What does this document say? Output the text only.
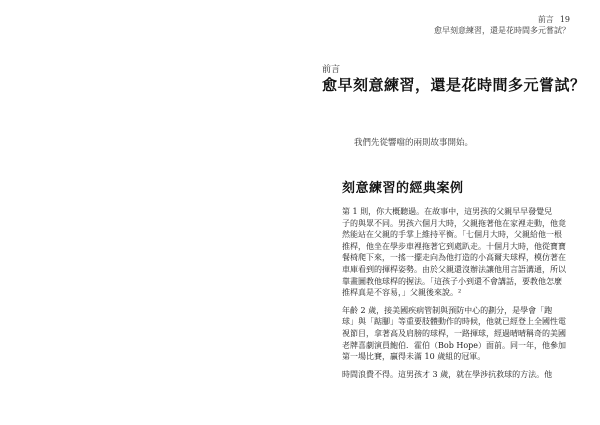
前言 19
愈早刻意練習，還是花時間多元嘗試？
前言
愈早刻意練習，還是花時間多元嘗試？
我們先從響噹的兩則故事開始。
刻意練習的經典案例

第 1 則，你大概聽過。在故事中，這男孩的父親早早發覺兒

子的與眾不同。男孩六個月大時，父親拖著他在家裡走動，他竟

然能站在父親的手掌上維持平衡。「七個月大時，父親給他一根

推桿，他坐在學步車裡拖著它到處趴走。十個月大時，他從寶寶

餐椅爬下來，一搖一擺走向為他打造的小高爾夫球桿，模仿著在

車庫看到的揮桿姿勢。由於父親還沒辦法讓他用言語溝通，所以

靠畫圖教他球桿的握法。「這孩子小到還不會講話，要教他怎麼

推桿真是不容易，」父親後來說。²

年齡 2 歲，接美國疾病管制與預防中心的劃分，是學會「跑

球」與「踮腳」等重要肢體動作的時候，他就已經登上全國性電

視節目，拿著高及肩膀的球桿，一路揮球，經過晴晴稱奇的美國

老牌喜劇演員鮑伯．霍伯（Bob Hope）面前。同一年，他參加

第一場比賽，贏得未滿 10 歲組的冠軍。

時間浪費不得。這男孩才 3 歲，就在學涉抗救球的方法。他
